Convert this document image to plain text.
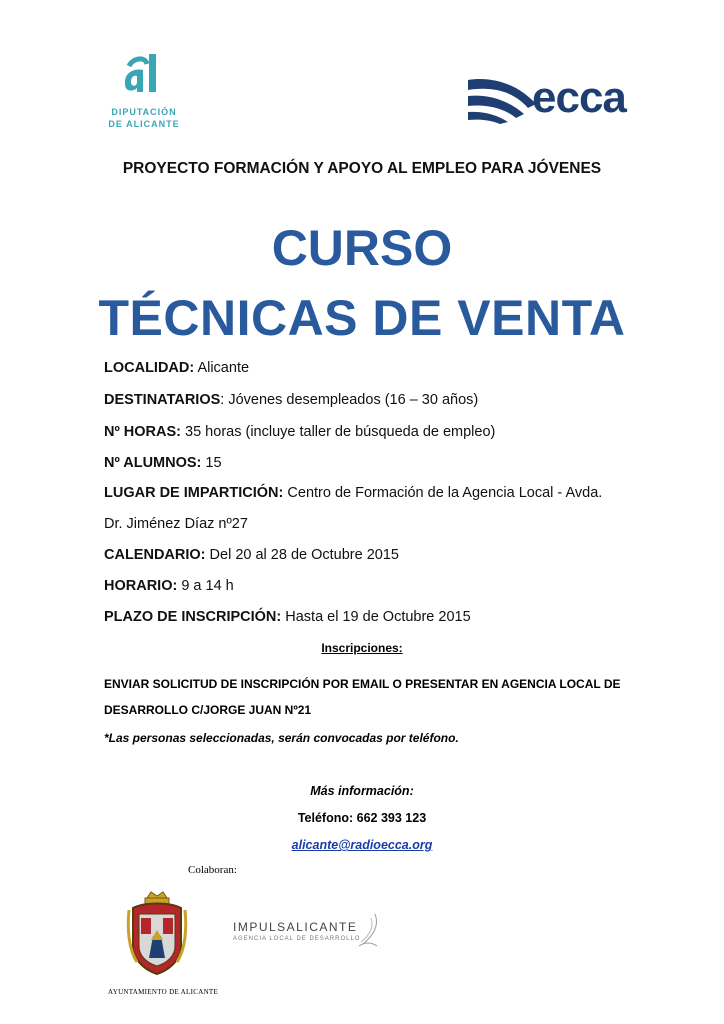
DIPUTACIÓN
DE ALICANTE
ecca
PROYECTO FORMACIÓN Y APOYO AL EMPLEO PARA JÓVENES
CURSO
TÉCNICAS DE VENTA
LOCALIDAD: Alicante
DESTINATARIOS: Jóvenes desempleados (16 – 30 años)
Nº HORAS: 35 horas (incluye taller de búsqueda de empleo)
Nº ALUMNOS: 15
LUGAR DE IMPARTICIÓN: Centro de Formación de la Agencia Local - Avda.
Dr. Jiménez Díaz nº27
CALENDARIO: Del 20 al 28 de Octubre 2015
HORARIO: 9 a 14 h
PLAZO DE INSCRIPCIÓN: Hasta el 19 de Octubre 2015
Inscripciones:
ENVIAR SOLICITUD DE INSCRIPCIÓN POR EMAIL O PRESENTAR EN AGENCIA LOCAL DE
DESARROLLO C/JORGE JUAN Nº21
*Las personas seleccionadas, serán convocadas por teléfono.
Más información:
Teléfono: 662 393 123
alicante@radioecca.org
Colaboran:
AYUNTAMIENTO DE ALICANTE
IMPULSALICANTE
AGENCIA LOCAL DE DESARROLLO
